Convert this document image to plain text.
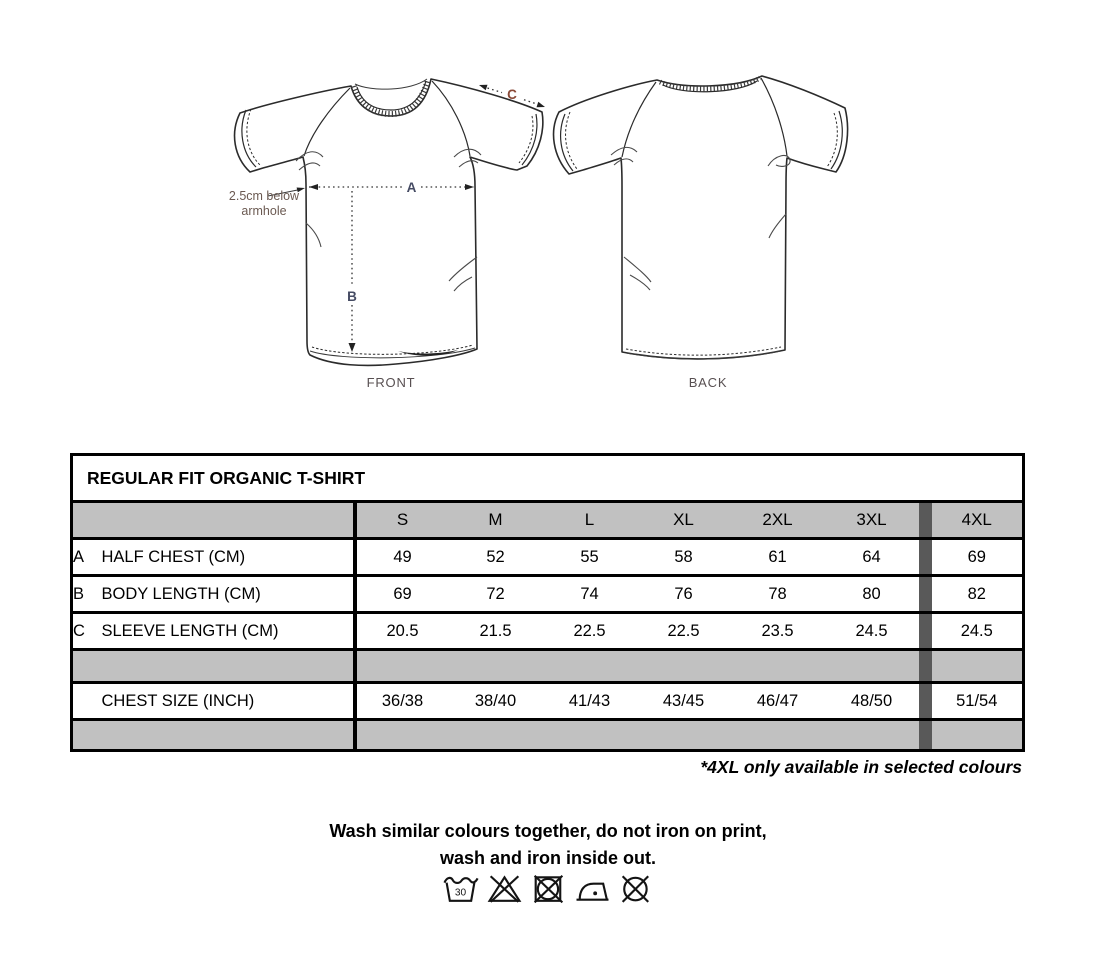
A
B
C
2.5cm below
armhole
FRONT	BACK
REGULAR FIT ORGANIC T-SHIRT									
		S	M	L	XL	2XL	3XL		4XL
A	HALF CHEST (CM)	49	52	55	58	61	64		69
B	BODY LENGTH (CM)	69	72	74	76	78	80		82
C	SLEEVE LENGTH (CM)	20.5	21.5	22.5	22.5	23.5	24.5		24.5

	CHEST SIZE (INCH)	36/38	38/40	41/43	43/45	46/47	48/50		51/54

*4XL only available in selected colours
Wash similar colours together, do not iron on print,
wash and iron inside out.
30
